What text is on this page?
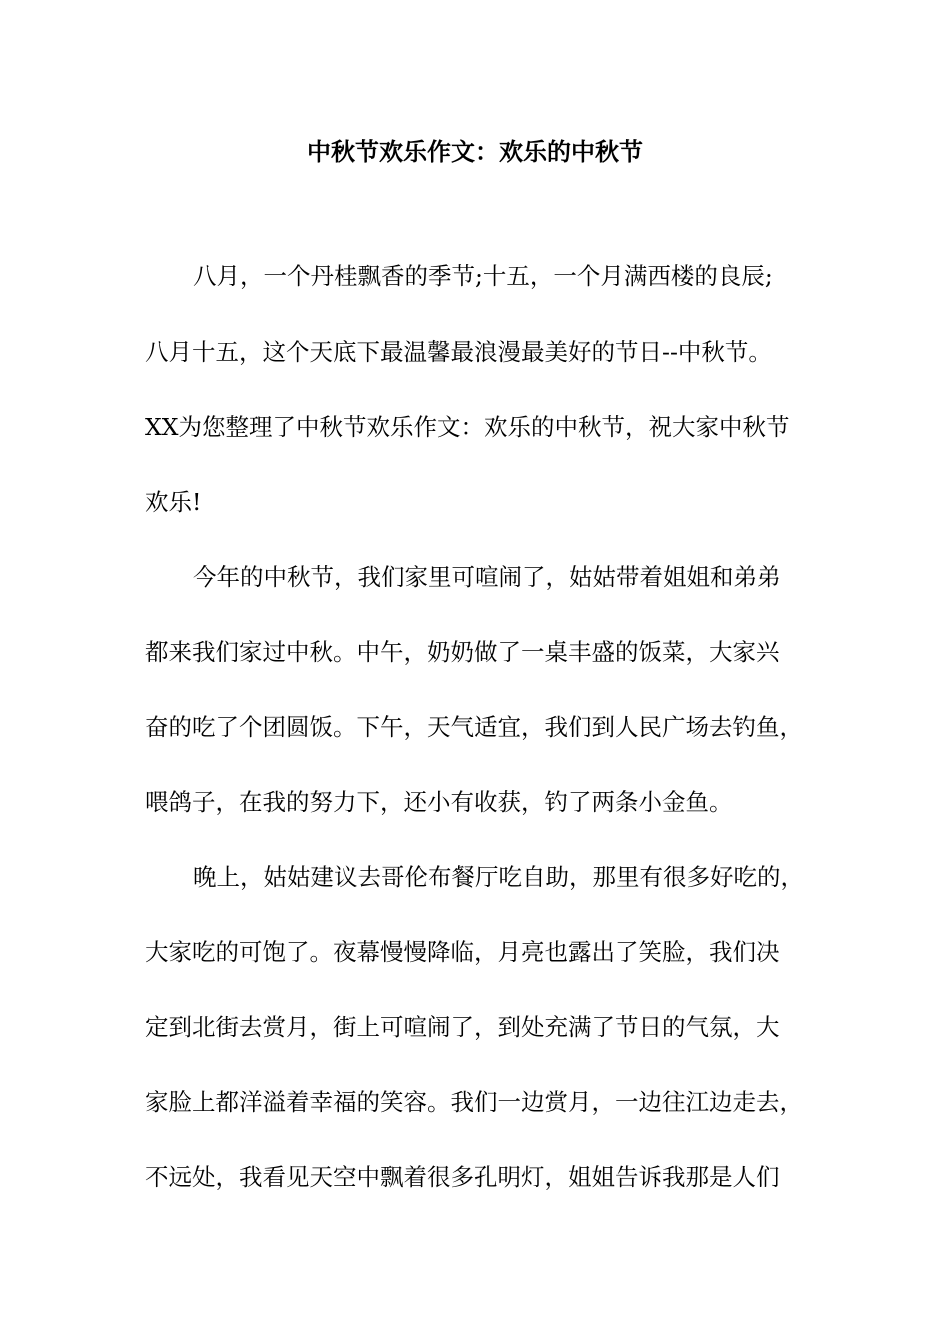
中秋节欢乐作文：欢乐的中秋节
八月，一个丹桂飘香的季节;十五，一个月满西楼的良辰;
八月十五，这个天底下最温馨最浪漫最美好的节日--中秋节。
XX为您整理了中秋节欢乐作文：欢乐的中秋节，祝大家中秋节
欢乐!
今年的中秋节，我们家里可喧闹了，姑姑带着姐姐和弟弟
都来我们家过中秋。中午，奶奶做了一桌丰盛的饭菜，大家兴
奋的吃了个团圆饭。下午，天气适宜，我们到人民广场去钓鱼，
喂鸽子，在我的努力下，还小有收获，钓了两条小金鱼。
晚上，姑姑建议去哥伦布餐厅吃自助，那里有很多好吃的，
大家吃的可饱了。夜幕慢慢降临，月亮也露出了笑脸，我们决
定到北街去赏月，街上可喧闹了，到处充满了节日的气氛，大
家脸上都洋溢着幸福的笑容。我们一边赏月，一边往江边走去，
不远处，我看见天空中飘着很多孔明灯，姐姐告诉我那是人们
